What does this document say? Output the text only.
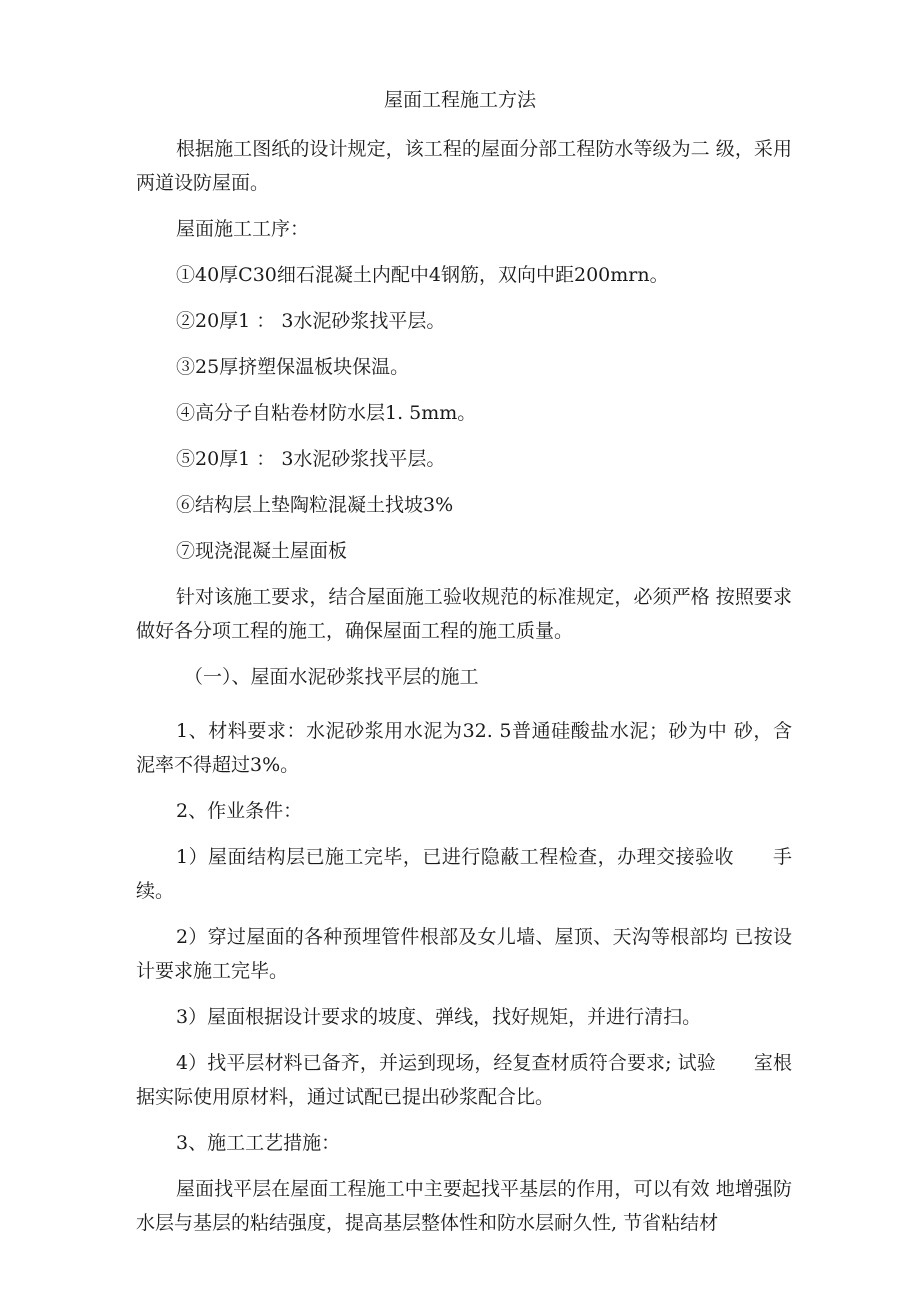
屋面工程施工方法

根据施工图纸的设计规定，该工程的屋面分部工程防水等级为二 级，采用两道设防屋面。

屋面施工工序：

①40厚C30细石混凝土内配中4钢筋，双向中距200mrn。

②20厚1 ： 3水泥砂浆找平层。

③25厚挤塑保温板块保温。

④高分子自粘卷材防水层1. 5mm。

⑤20厚1 ： 3水泥砂浆找平层。

⑥结构层上垫陶粒混凝土找坡3%

⑦现浇混凝土屋面板

针对该施工要求，结合屋面施工验收规范的标准规定，必须严格 按照要求做好各分项工程的施工，确保屋面工程的施工质量。

（一）、屋面水泥砂浆找平层的施工

1、材料要求：水泥砂浆用水泥为32. 5普通硅酸盐水泥；砂为中 砂，含泥率不得超过3%。

2、作业条件：

1）屋面结构层已施工完毕，已进行隐蔽工程检查，办理交接验收　　手续。

2）穿过屋面的各种预埋管件根部及女儿墙、屋顶、天沟等根部均 已按设计要求施工完毕。

3）屋面根据设计要求的坡度、弹线，找好规矩，并进行清扫。

4）找平层材料已备齐，并运到现场，经复查材质符合要求; 试验　　室根据实际使用原材料，通过试配已提出砂浆配合比。

3、施工工艺措施：

屋面找平层在屋面工程施工中主要起找平基层的作用，可以有效 地增强防水层与基层的粘结强度，提高基层整体性和防水层耐久性, 节省粘结材
